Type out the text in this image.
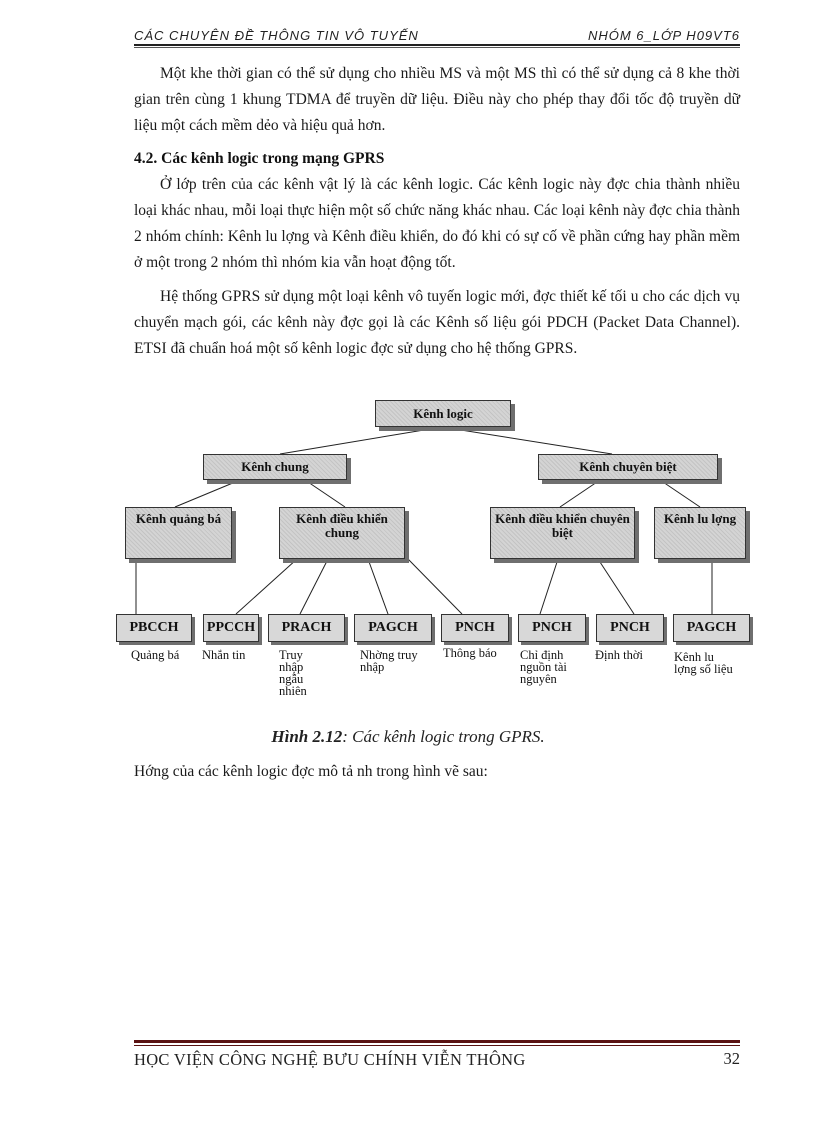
CÁC CHUYÊN ĐỀ THÔNG TIN VÔ TUYẾN	NHÓM 6_LỚP H09VT6
Một khe thời gian có thể sử dụng cho nhiều MS và một MS thì có thể sử dụng cả 8 khe thời gian trên cùng 1 khung TDMA để truyền dữ liệu. Điều này cho phép thay đổi tốc độ truyền dữ liệu một cách mềm dẻo và hiệu quả hơn.
4.2. Các kênh logic trong mạng GPRS
Ở lớp trên của các kênh vật lý là các kênh logic. Các kênh logic này đợc chia thành nhiều loại khác nhau, mỗi loại thực hiện một số chức năng khác nhau. Các loại kênh này đợc chia thành 2 nhóm chính: Kênh lu lợng và Kênh điều khiển, do đó khi có sự cố về phần cứng hay phần mềm ở một trong 2 nhóm thì nhóm kia vẫn hoạt động tốt.
Hệ thống GPRS sử dụng một loại kênh vô tuyến logic mới, đợc thiết kế tối u cho các dịch vụ chuyển mạch gói, các kênh này đợc gọi là các Kênh số liệu gói PDCH (Packet Data Channel). ETSI đã chuẩn hoá một số kênh logic đợc sử dụng cho hệ thống GPRS.
Kênh logic
Kênh chung	Kênh chuyên biệt
Kênh quảng bá	Kênh điều khiển chung
Kênh điều khiển chuyên biệt
Kênh lu lợng
PBCCH	PPCCH	PRACH	PAGCH	PNCH	PNCH	PNCH	PAGCH
Quảng bá	Nhắn tin	Truy nhập ngẫu nhiên
Nhờng truy nhập
Thông báo	Chỉ định nguồn tài nguyên
Định thời	Kênh lu lợng số liệu
Hình 2.12: Các kênh logic trong GPRS.
Hớng của các kênh logic đợc mô tả nh trong hình vẽ sau:
HỌC VIỆN CÔNG NGHỆ BƯU CHÍNH VIỄN THÔNG	32
